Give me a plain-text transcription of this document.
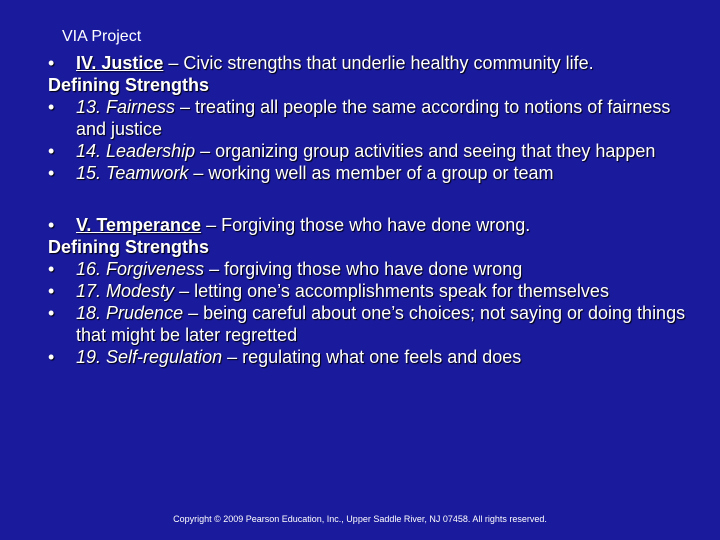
VIA Project
•	IV. Justice – Civic strengths that underlie healthy community life.
Defining Strengths
•	13. Fairness – treating all people the same according to notions of fairness and justice
•	14. Leadership – organizing group activities and seeing that they happen
•	15. Teamwork – working well as member of a group or team
•	V. Temperance – Forgiving those who have done wrong.
Defining Strengths
•	16. Forgiveness – forgiving those who have done wrong
•	17. Modesty – letting one’s accomplishments speak for themselves
•	18. Prudence – being careful about one’s choices; not saying or doing things that might be later regretted
•	19. Self-regulation – regulating what one feels and does
Copyright © 2009 Pearson Education, Inc., Upper Saddle River, NJ 07458. All rights reserved.
